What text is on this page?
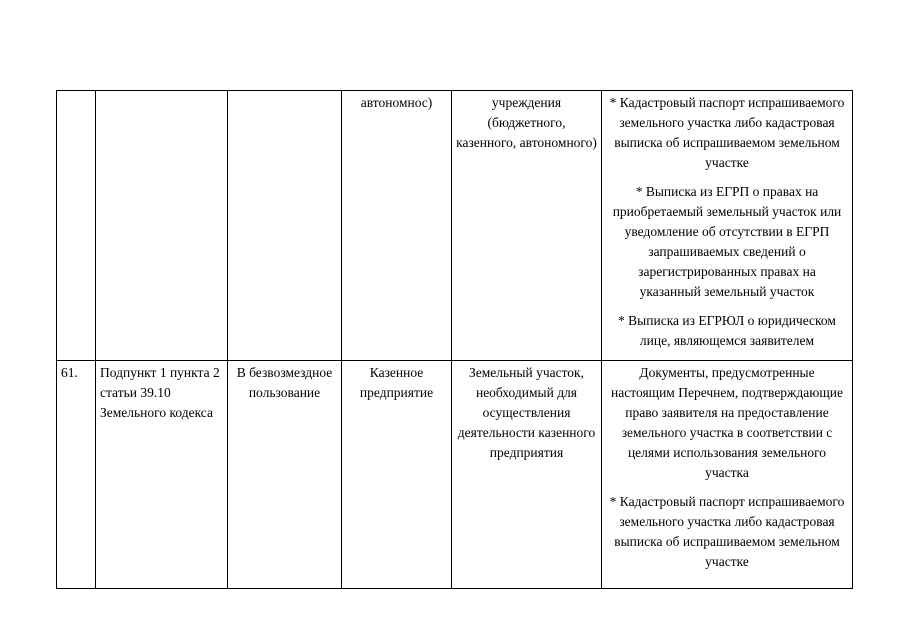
			автономнос)	учреждения (бюджетного, казенного, автономного)	* Кадастровый паспорт испрашиваемого земельного участка либо кадастровая выписка об испрашиваемом земельном участке
* Выписка из ЕГРП о правах на приобретаемый земельный участок или уведомление об отсутствии в ЕГРП запрашиваемых сведений о зарегистрированных правах на указанный земельный участок
* Выписка из ЕГРЮЛ о юридическом лице, являющемся заявителем

61.	Подпункт 1 пункта 2 статьи 39.10 Земельного кодекса	В безвозмездное пользование	Казенное предприятие	Земельный участок, необходимый для осуществления деятельности казенного предприятия	Документы, предусмотренные настоящим Перечнем, подтверждающие право заявителя на предоставление земельного участка в соответствии с целями использования земельного участка
* Кадастровый паспорт испрашиваемого земельного участка либо кадастровая выписка об испрашиваемом земельном участке
